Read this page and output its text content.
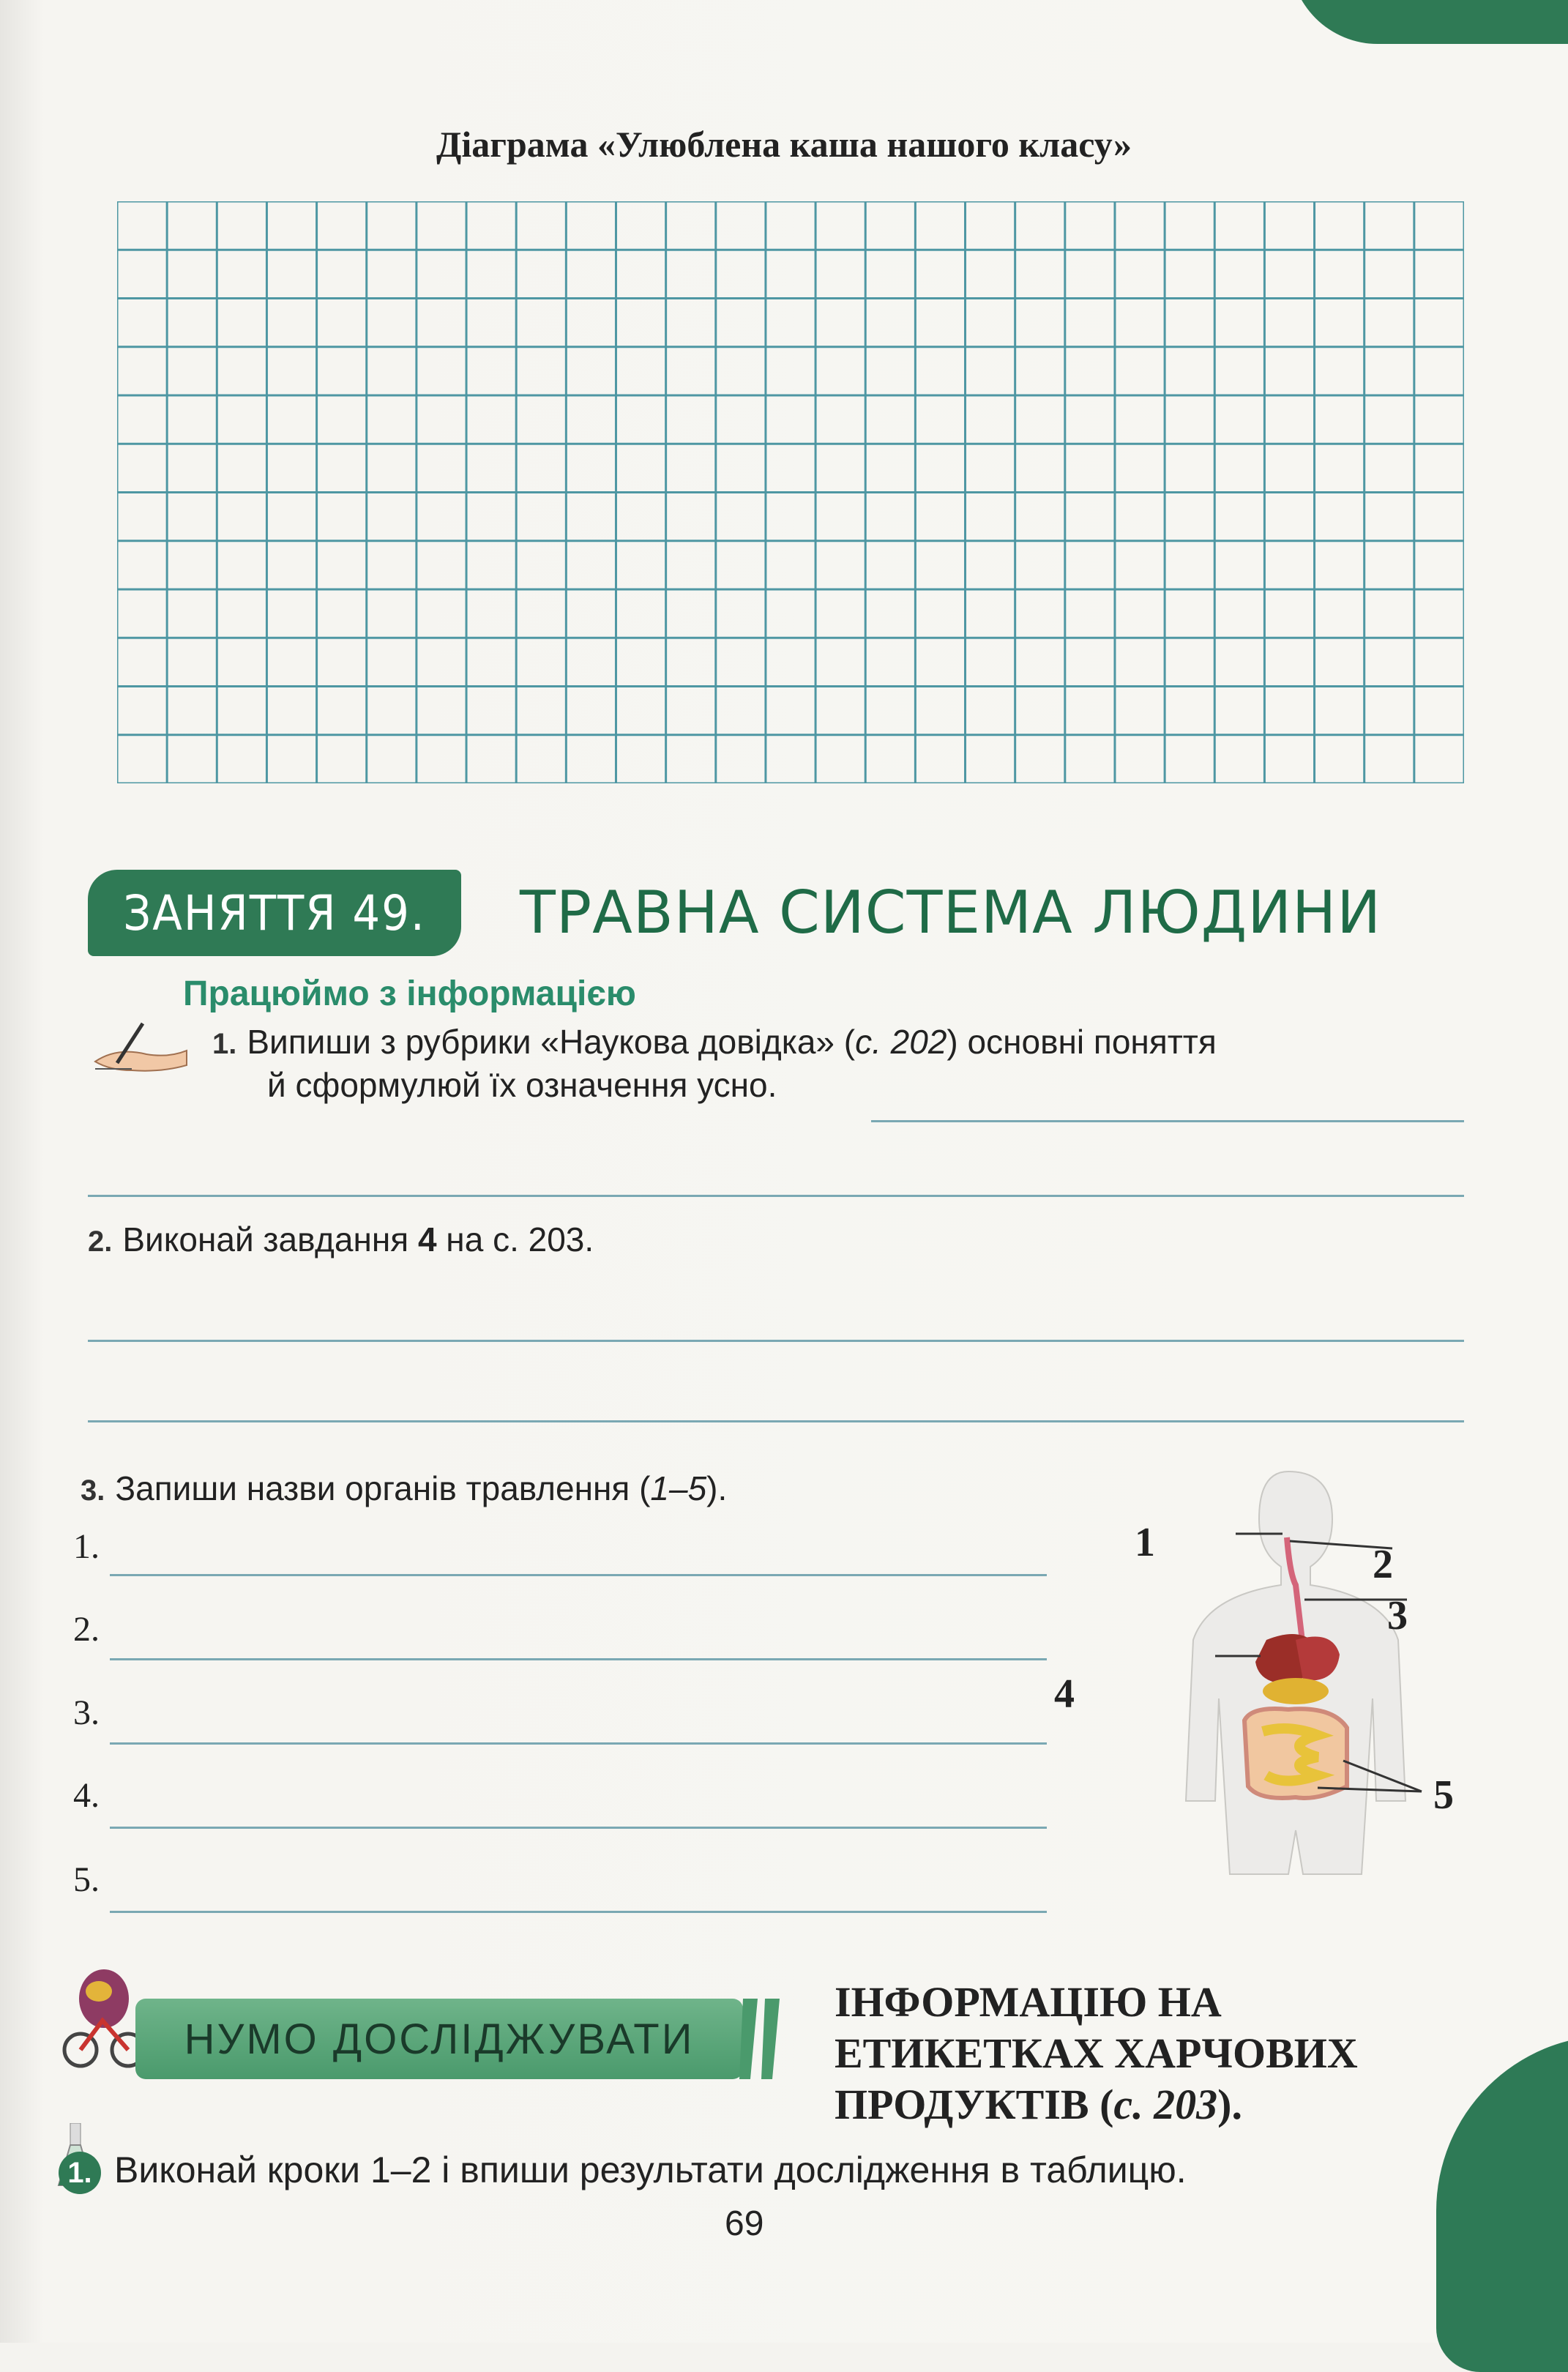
Діаграма «Улюблена каша нашого класу»
ЗАНЯТТЯ 49.	ТРАВНА СИСТЕМА ЛЮДИНИ
Працюймо з інформацією
1. Випиши з рубрики «Наукова довідка» (с. 202) основні поняття
й сформулюй їх означення усно.
2. Виконай завдання 4 на с. 203.
3. Запиши назви органів травлення (1–5).
1.
2.
3.
4.
5.
1	2
3
4
5
НУМО ДОСЛІДЖУВАТИ
ІНФОРМАЦІЮ НА
ЕТИКЕТКАХ ХАРЧОВИХ
ПРОДУКТІВ (с. 203).
1. Виконай кроки 1–2 і впиши результати дослідження в таблицю.
69
